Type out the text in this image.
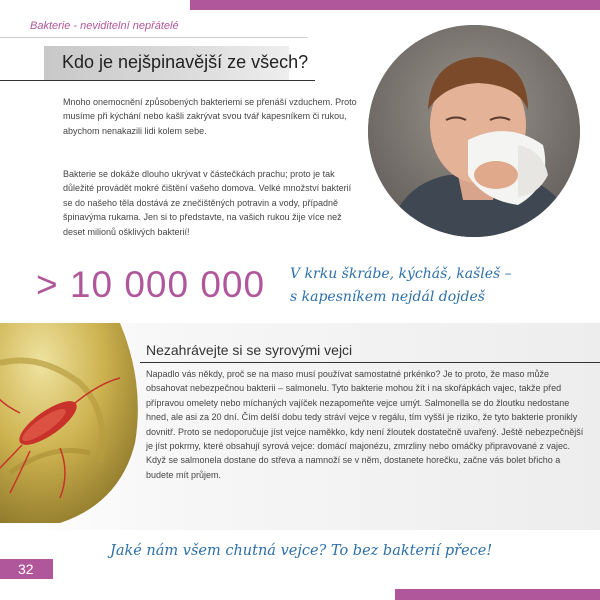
Bakterie - neviditelní nepřátelé
Kdo je nejšpinavější ze všech?
Mnoho onemocnění způsobených bakteriemi se přenáší vzduchem. Proto musíme při kýchání nebo kašli zakrývat svou tvář kapesníkem či rukou, abychom nenakazili lidi kolem sebe.
Bakterie se dokáže dlouho ukrývat v částečkách prachu; proto je tak důležité provádět mokré čištění vašeho domova. Velké množství bakterií se do našeho těla dostává ze znečištěných potravin a vody, případně špinavýma rukama. Jen si to představte, na vašich rukou žije více než deset milionů ošklivých bakterií!
> 10 000 000 V krku škrábe, kýcháš, kašleš –
s kapesníkem nejdál dojdeš
Nezahrávejte si se syrovými vejci
Napadlo vás někdy, proč se na maso musí používat samostatné prkénko? Je to proto, že maso může obsahovat nebezpečnou bakterii – salmonelu. Tyto bakterie mohou žít i na skořápkách vajec, takže před přípravou omelety nebo míchaných vajíček nezapomeňte vejce umýt. Salmonella se do žloutku nedostane hned, ale asi za 20 dní. Čím delší dobu tedy stráví vejce v regálu, tím vyšší je riziko, že tyto bakterie pronikly dovnitř. Proto se nedoporučuje jíst vejce naměkko, kdy není žloutek dostatečně uvařený. Ještě nebezpečnější je jíst pokrmy, které obsahují syrová vejce: domácí majonézu, zmrzliny nebo omáčky připravované z vajec. Když se salmonela dostane do střeva a namnoží se v něm, dostanete horečku, začne vás bolet břicho a budete mít průjem.
Jaké nám všem chutná vejce? To bez bakterií přece!
32
